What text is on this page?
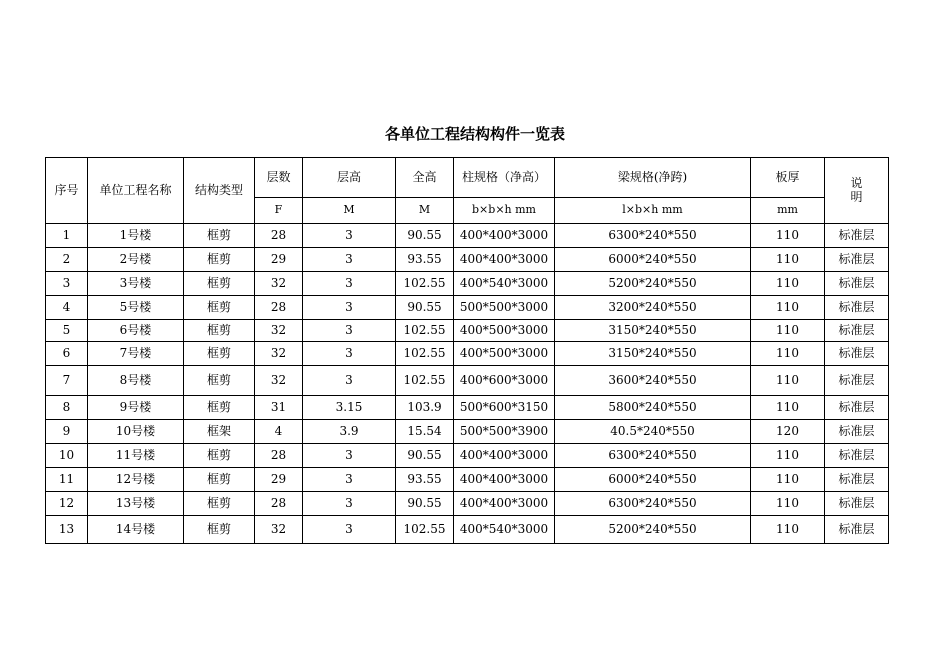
各单位工程结构构件一览表
序号	单位工程名称	结构类型	层数	层高	全高	柱规格（净高）	梁规格(净跨)	板厚	说 明
			F	M	M	b×b×h mm	l×b×h mm	mm	
1	1号楼	框剪	28	3	90.55	400*400*3000	6300*240*550	110	标准层
2	2号楼	框剪	29	3	93.55	400*400*3000	6000*240*550	110	标准层
3	3号楼	框剪	32	3	102.55	400*540*3000	5200*240*550	110	标准层
4	5号楼	框剪	28	3	90.55	500*500*3000	3200*240*550	110	标准层
5	6号楼	框剪	32	3	102.55	400*500*3000	3150*240*550	110	标准层
6	7号楼	框剪	32	3	102.55	400*500*3000	3150*240*550	110	标准层
7	8号楼	框剪	32	3	102.55	400*600*3000	3600*240*550	110	标准层
8	9号楼	框剪	31	3.15	103.9	500*600*3150	5800*240*550	110	标准层
9	10号楼	框架	4	3.9	15.54	500*500*3900	40.5*240*550	120	标准层
10	11号楼	框剪	28	3	90.55	400*400*3000	6300*240*550	110	标准层
11	12号楼	框剪	29	3	93.55	400*400*3000	6000*240*550	110	标准层
12	13号楼	框剪	28	3	90.55	400*400*3000	6300*240*550	110	标准层
13	14号楼	框剪	32	3	102.55	400*540*3000	5200*240*550	110	标准层
